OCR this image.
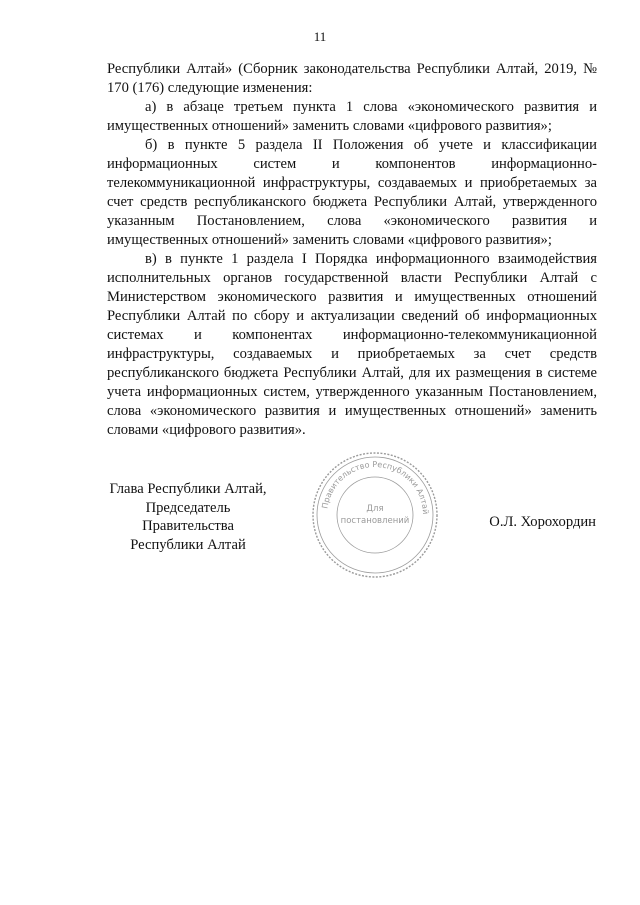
11

Республики Алтай» (Сборник законодательства Республики Алтай, 2019, № 170 (176) следующие изменения:

а) в абзаце третьем пункта 1 слова «экономического развития и имущественных отношений» заменить словами «цифрового развития»;

б) в пункте 5 раздела II Положения об учете и классификации информационных систем и компонентов информационно-телекоммуникационной инфраструктуры, создаваемых и приобретаемых за счет средств республиканского бюджета Республики Алтай, утвержденного указанным Постановлением, слова «экономического развития и имущественных отношений» заменить словами «цифрового развития»;

в) в пункте 1 раздела I Порядка информационного взаимодействия исполнительных органов государственной власти Республики Алтай с Министерством экономического развития и имущественных отношений Республики Алтай по сбору и актуализации сведений об информационных системах и компонентах информационно-телекоммуникационной инфраструктуры, создаваемых и приобретаемых за счет средств республиканского бюджета Республики Алтай, для их размещения в системе учета информационных систем, утвержденного указанным Постановлением, слова «экономического развития и имущественных отношений» заменить словами «цифрового развития».

Глава Республики Алтай,
Председатель Правительства
Республики Алтай
Правительство Республики Алтай
Для
постановлений	О.Л. Хорохордин
